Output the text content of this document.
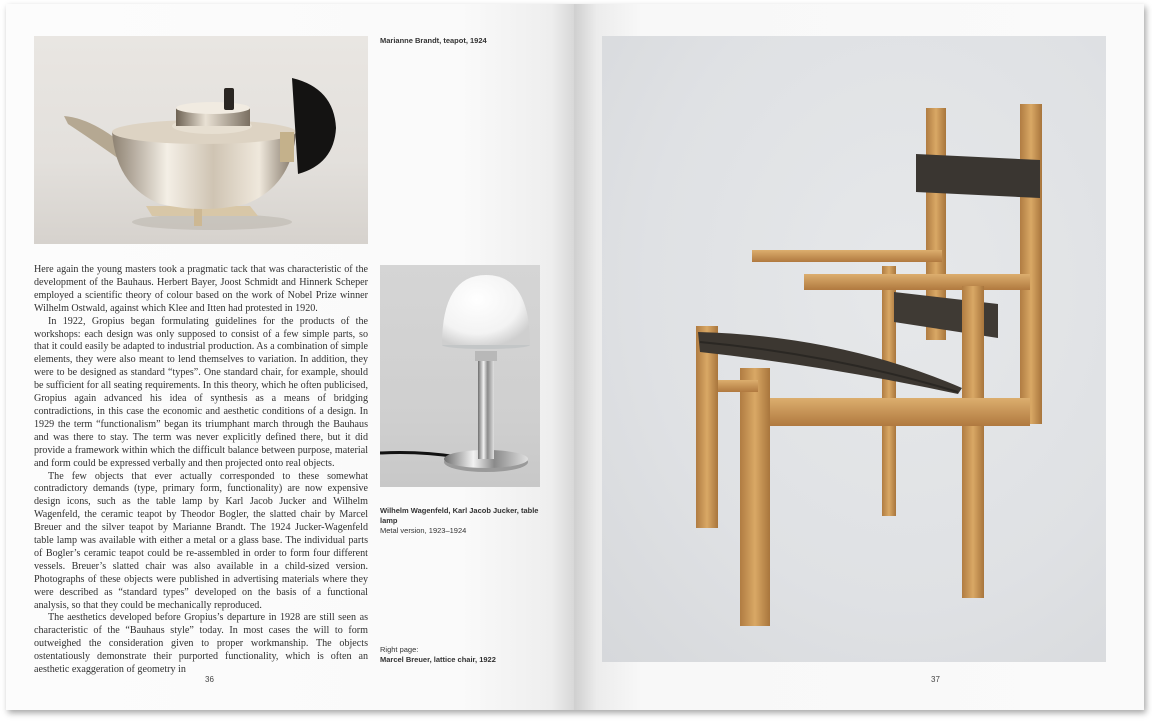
Marianne Brandt, teapot, 1924
Wilhelm Wagenfeld, Karl Jacob Jucker, table lamp
Metal version, 1923–1924
Right page:
Marcel Breuer, lattice chair, 1922

Here again the young masters took a pragmatic tack that was characteristic of the development of the Bauhaus. Herbert Bayer, Joost Schmidt and Hinnerk Scheper employed a scientific theory of colour based on the work of Nobel Prize winner Wilhelm Ostwald, against which Klee and Itten had protested in 1920.

In 1922, Gropius began formulating guidelines for the products of the workshops: each design was only supposed to consist of a few simple parts, so that it could easily be adapted to industrial production. As a combination of simple elements, they were also meant to lend themselves to variation. In addition, they were to be designed as standard “types”. One standard chair, for example, should be sufficient for all seating requirements. In this theory, which he often publicised, Gropius again advanced his idea of synthesis as a means of bridging contradictions, in this case the economic and aesthetic conditions of a design. In 1929 the term “functionalism” began its triumphant march through the Bauhaus and was there to stay. The term was never explicitly defined there, but it did provide a framework within which the difficult balance between purpose, material and form could be expressed verbally and then projected onto real objects.

The few objects that ever actually corresponded to these somewhat contradictory demands (type, primary form, functionality) are now expensive design icons, such as the table lamp by Karl Jacob Jucker and Wilhelm Wagenfeld, the ceramic teapot by Theodor Bogler, the slatted chair by Marcel Breuer and the silver teapot by Marianne Brandt. The 1924 Jucker-Wagenfeld table lamp was available with either a metal or a glass base. The individual parts of Bogler’s ceramic teapot could be re-assembled in order to form four different vessels. Breuer’s slatted chair was also available in a child-sized version. Photographs of these objects were published in advertising materials where they were described as “standard types” developed on the basis of a functional analysis, so that they could be mechanically reproduced.

The aesthetics developed before Gropius’s departure in 1928 are still seen as characteristic of the “Bauhaus style” today. In most cases the will to form outweighed the consideration given to proper workmanship. The objects ostentatiously demonstrate their purported functionality, which is often an aesthetic exaggeration of geometry in

36	37
